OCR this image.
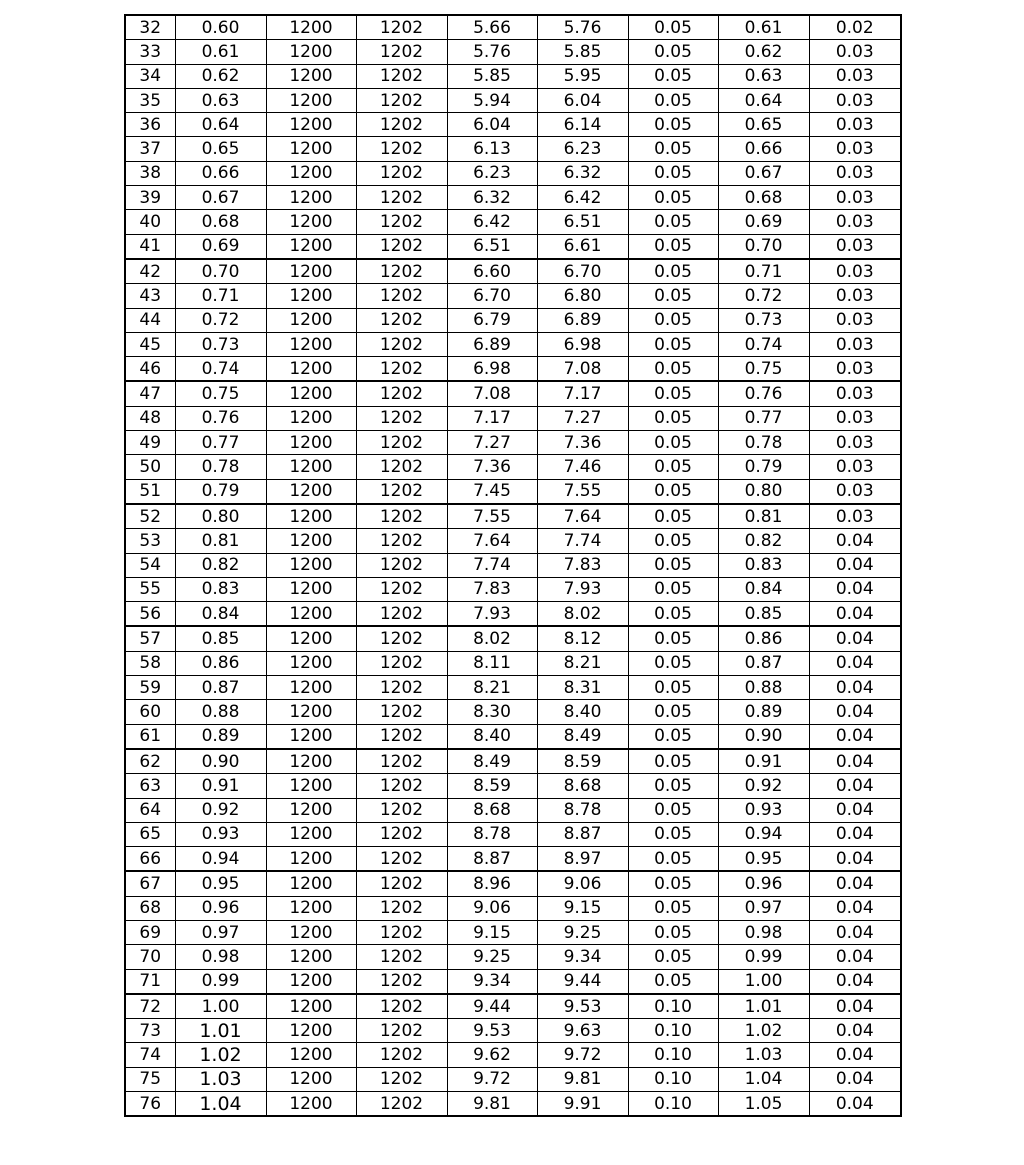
32	0.60	1200	1202	5.66	5.76	0.05	0.61	0.02
33	0.61	1200	1202	5.76	5.85	0.05	0.62	0.03
34	0.62	1200	1202	5.85	5.95	0.05	0.63	0.03
35	0.63	1200	1202	5.94	6.04	0.05	0.64	0.03
36	0.64	1200	1202	6.04	6.14	0.05	0.65	0.03
37	0.65	1200	1202	6.13	6.23	0.05	0.66	0.03
38	0.66	1200	1202	6.23	6.32	0.05	0.67	0.03
39	0.67	1200	1202	6.32	6.42	0.05	0.68	0.03
40	0.68	1200	1202	6.42	6.51	0.05	0.69	0.03
41	0.69	1200	1202	6.51	6.61	0.05	0.70	0.03
42	0.70	1200	1202	6.60	6.70	0.05	0.71	0.03
43	0.71	1200	1202	6.70	6.80	0.05	0.72	0.03
44	0.72	1200	1202	6.79	6.89	0.05	0.73	0.03
45	0.73	1200	1202	6.89	6.98	0.05	0.74	0.03
46	0.74	1200	1202	6.98	7.08	0.05	0.75	0.03
47	0.75	1200	1202	7.08	7.17	0.05	0.76	0.03
48	0.76	1200	1202	7.17	7.27	0.05	0.77	0.03
49	0.77	1200	1202	7.27	7.36	0.05	0.78	0.03
50	0.78	1200	1202	7.36	7.46	0.05	0.79	0.03
51	0.79	1200	1202	7.45	7.55	0.05	0.80	0.03
52	0.80	1200	1202	7.55	7.64	0.05	0.81	0.03
53	0.81	1200	1202	7.64	7.74	0.05	0.82	0.04
54	0.82	1200	1202	7.74	7.83	0.05	0.83	0.04
55	0.83	1200	1202	7.83	7.93	0.05	0.84	0.04
56	0.84	1200	1202	7.93	8.02	0.05	0.85	0.04
57	0.85	1200	1202	8.02	8.12	0.05	0.86	0.04
58	0.86	1200	1202	8.11	8.21	0.05	0.87	0.04
59	0.87	1200	1202	8.21	8.31	0.05	0.88	0.04
60	0.88	1200	1202	8.30	8.40	0.05	0.89	0.04
61	0.89	1200	1202	8.40	8.49	0.05	0.90	0.04
62	0.90	1200	1202	8.49	8.59	0.05	0.91	0.04
63	0.91	1200	1202	8.59	8.68	0.05	0.92	0.04
64	0.92	1200	1202	8.68	8.78	0.05	0.93	0.04
65	0.93	1200	1202	8.78	8.87	0.05	0.94	0.04
66	0.94	1200	1202	8.87	8.97	0.05	0.95	0.04
67	0.95	1200	1202	8.96	9.06	0.05	0.96	0.04
68	0.96	1200	1202	9.06	9.15	0.05	0.97	0.04
69	0.97	1200	1202	9.15	9.25	0.05	0.98	0.04
70	0.98	1200	1202	9.25	9.34	0.05	0.99	0.04
71	0.99	1200	1202	9.34	9.44	0.05	1.00	0.04
72	1.00	1200	1202	9.44	9.53	0.10	1.01	0.04
73	1.01	1200	1202	9.53	9.63	0.10	1.02	0.04
74	1.02	1200	1202	9.62	9.72	0.10	1.03	0.04
75	1.03	1200	1202	9.72	9.81	0.10	1.04	0.04
76	1.04	1200	1202	9.81	9.91	0.10	1.05	0.04
